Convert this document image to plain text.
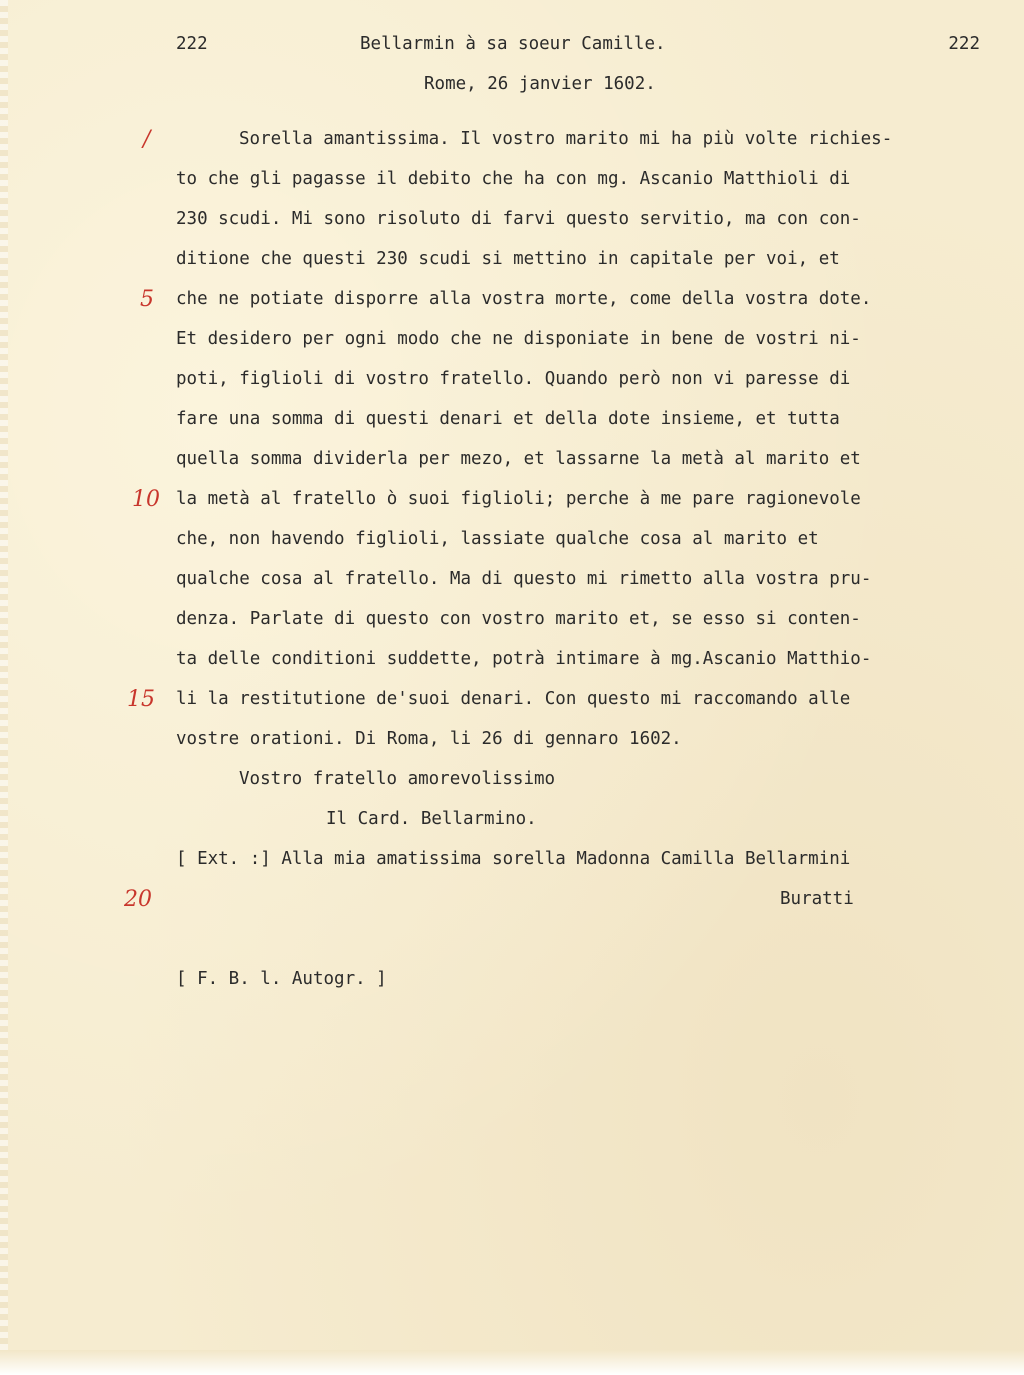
222

	Bellarmin à sa soeur Camille.

	222

Rome, 26 janvier 1602.
Sorella amantissima. Il vostro marito mi ha più volte richies-
to che gli pagasse il debito che ha con mg. Ascanio Matthioli di
230 scudi. Mi sono risoluto di farvi questo servitio, ma con con-
ditione che questi 230 scudi si mettino in capitale per voi, et
che ne potiate disporre alla vostra morte, come della vostra dote.
Et desidero per ogni modo che ne disponiate in bene de vostri ni-
poti, figlioli di vostro fratello. Quando però non vi paresse di
fare una somma di questi denari et della dote insieme, et tutta
quella somma dividerla per mezo, et lassarne la metà al marito et
la metà al fratello ò suoi figlioli; perche à me pare ragionevole
che, non havendo figlioli, lassiate qualche cosa al marito et
qualche cosa al fratello. Ma di questo mi rimetto alla vostra pru-
denza. Parlate di questo con vostro marito et, se esso si conten-
ta delle conditioni suddette, potrà intimare à mg.Ascanio Matthio-
li la restitutione de'suoi denari. Con questo mi raccomando alle
vostre orationi. Di Roma, li 26 di gennaro 1602.
Vostro fratello amorevolissimo
Il Card. Bellarmino.
[ Ext. :] Alla mia amatissima sorella Madonna Camilla Bellarmini
Buratti
[ F. B. l. Autogr. ]
/
5
10
15
20
